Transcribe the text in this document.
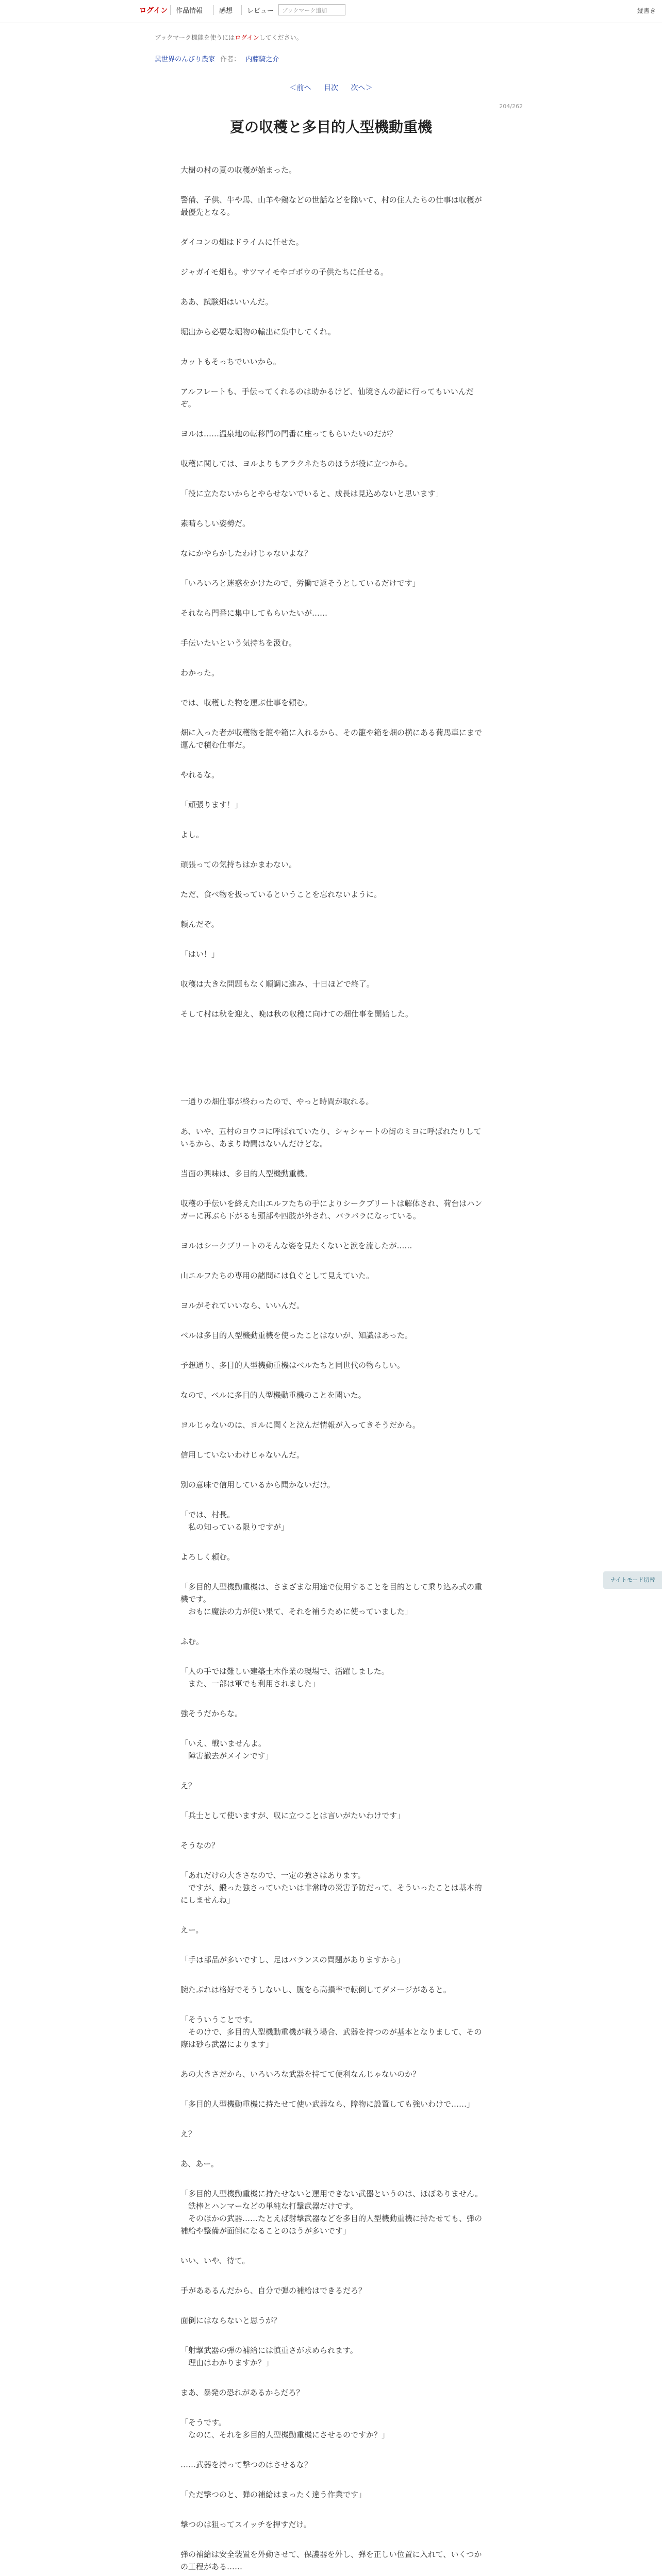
ログイン	作品情報	感想	レビュー	ブックマーク追加	縦書き
ブックマーク機能を使うにはログインしてください。
異世界のんびり農家 作者： 内藤騎之介
＜前へ 目次 次へ＞
204/262
夏の収穫と多目的人型機動重機

大樹の村の夏の収穫が始まった。

警備、子供、牛や馬、山羊や鶏などの世話などを除いて、村の住人たちの仕事は収穫が最優先となる。

ダイコンの畑はドライムに任せた。

ジャガイモ畑も。サツマイモやゴボウの子供たちに任せる。

ああ、試験畑はいいんだ。

堀出から必要な堀物の輸出に集中してくれ。

カットもそっちでいいから。

アルフレートも、手伝ってくれるのは助かるけど、仙境さんの話に行ってもいいんだぞ。

ヨルは……温泉地の転移門の門番に座ってもらいたいのだが？

収穫に関しては、ヨルよりもアラクネたちのほうが役に立つから。

「役に立たないからとやらせないでいると、成長は見込めないと思います」

素晴らしい姿勢だ。

なにかやらかしたわけじゃないよな？

「いろいろと迷惑をかけたので、労働で返そうとしているだけです」

それなら門番に集中してもらいたいが……

手伝いたいという気持ちを汲む。

わかった。

では、収穫した物を運ぶ仕事を頼む。

畑に入った者が収穫物を籠や箱に入れるから、その籠や箱を畑の横にある荷馬車にまで運んで積む仕事だ。

やれるな。

「頑張ります！」

よし。

頑張っての気持ちはかまわない。

ただ、食べ物を扱っているということを忘れないように。

頼んだぞ。

「はい！」

収穫は大きな問題もなく順調に進み、十日ほどで終了。

そして村は秋を迎え、晩は秋の収穫に向けての畑仕事を開始した。

一通りの畑仕事が終わったので、やっと時間が取れる。

あ、いや、五村のヨウコに呼ばれていたり、シャシャートの街のミヨに呼ばれたりしているから、あまり時間はないんだけどな。

当面の興味は、多目的人型機動重機。

収穫の手伝いを終えた山エルフたちの手によりシークブリートは解体され、荷台はハンガーに再ぶら下がるも頭部や四肢が外され、バラバラになっている。

ヨルはシークブリートのそんな姿を見たくないと涙を流したが……

山エルフたちの専用の諸問には負ぐとして見えていた。

ヨルがそれていいなら、いいんだ。

ベルは多目的人型機動重機を使ったことはないが、知識はあった。

予想通り、多目的人型機動重機はベルたちと同世代の物らしい。

なので、ベルに多目的人型機動重機のことを聞いた。

ヨルじゃないのは、ヨルに聞くと泣んだ情報が入ってきそうだから。

信用していないわけじゃないんだ。

別の意味で信用しているから聞かないだけ。

「では、村長。
　私の知っている限りですが」

よろしく頼む。

「多目的人型機動重機は、さまざまな用途で使用することを目的として乗り込み式の重機です。
　おもに魔法の力が使い果て、それを補うために使っていました」

ふむ。

「人の手では難しい建築土木作業の現場で、活躍しました。
　また、一部は軍でも利用されました」

強そうだからな。

「いえ、戦いませんよ。
　障害撤去がメインです」

え？

「兵士として使いますが、収に立つことは言いがたいわけです」

そうなの？

「あれだけの大きさなので、一定の強さはあります。
　ですが、鍛った強さっていたいは非常時の災害予防だって、そういったことは基本的にしませんね」

えー。

「手は部品が多いですし、足はバランスの問題がありますから」

腕たぶれは格好でそうしないし、腹をら高損率で転倒してダメージがあると。

「そういうことです。
　そのけで、多目的人型機動重機が戦う場合、武器を持つのが基本となりまして、その際は砂ら武器によります」

あの大きさだから、いろいろな武器を持てて便利なんじゃないのか？

「多目的人型機動重機に持たせて使い武器なら、障物に設置しても強いわけで……」

え？

あ、あー。

「多目的人型機動重機に持たせないと運用できない武器というのは、ほぼありません。
　鉄棒とハンマーなどの単純な打撃武器だけです。
　そのほかの武器……たとえば射撃武器などを多目的人型機動重機に持たせても、弾の補給や整備が面倒になることのほうが多いです」

いい、いや、待て。

手がああるんだから、自分で弾の補給はできるだろ？

面倒にはならないと思うが？

「射撃武器の弾の補給には慎重さが求められます。
　理由はわかりますか？」

まあ、暴発の恐れがあるからだろ？

「そうです。
　なのに、それを多目的人型機動重機にさせるのですか？」

……武器を持って撃つのはさせるな？

「ただ撃つのと、弾の補給はまったく違う作業です」

撃つのは狙ってスイッチを押すだけ。

弾の補給は安全装置を外動させて、保護器を外し、弾を正しい位置に入れて、いくつかの工程がある……

ナイトモード切替
